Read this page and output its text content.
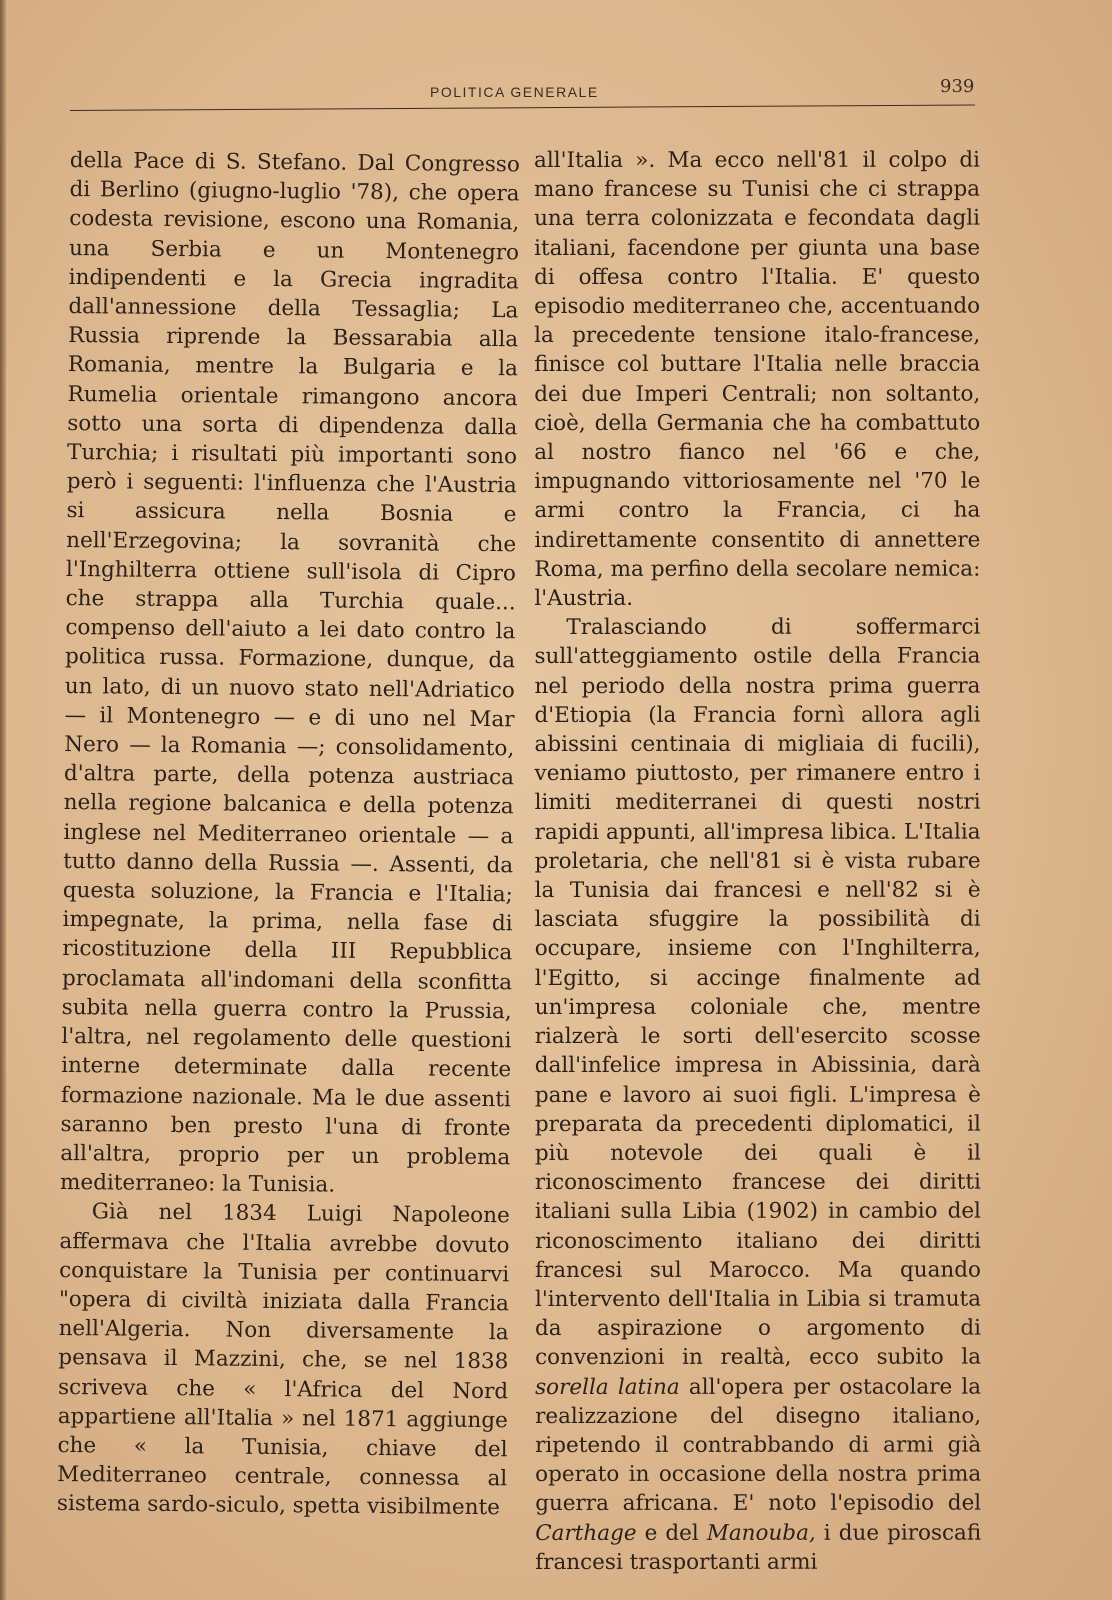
POLITICA GENERALE	939

della Pace di S. Stefano. Dal Congresso di Berlino (giugno-luglio '78), che opera codesta revisione, escono una Romania, una Serbia e un Montenegro indipendenti e la Grecia ingradita dall'annessione della Tessaglia; La Russia riprende la Bessarabia alla Romania, mentre la Bulgaria e la Rumelia orientale rimangono ancora sotto una sorta di dipendenza dalla Turchia; i risultati più importanti sono però i seguenti: l'influenza che l'Austria si assicura nella Bosnia e nell'Erzegovina; la sovranità che l'Inghilterra ottiene sull'isola di Cipro che strappa alla Turchia quale... compenso dell'aiuto a lei dato contro la politica russa. Formazione, dunque, da un lato, di un nuovo stato nell'Adriatico — il Montenegro — e di uno nel Mar Nero — la Romania —; consolidamento, d'altra parte, della potenza austriaca nella regione balcanica e della potenza inglese nel Mediterraneo orientale — a tutto danno della Russia —. Assenti, da questa soluzione, la Francia e l'Italia; impegnate, la prima, nella fase di ricostituzione della III Repubblica proclamata all'indomani della sconfitta subita nella guerra contro la Prussia, l'altra, nel regolamento delle questioni interne determinate dalla recente formazione nazionale. Ma le due assenti saranno ben presto l'una di fronte all'altra, proprio per un problema mediterraneo: la Tunisia.

Già nel 1834 Luigi Napoleone affermava che l'Italia avrebbe dovuto conquistare la Tunisia per continuarvi "opera di civiltà iniziata dalla Francia nell'Algeria. Non diversamente la pensava il Mazzini, che, se nel 1838 scriveva che « l'Africa del Nord appartiene all'Italia » nel 1871 aggiunge che « la Tunisia, chiave del Mediterraneo centrale, connessa al sistema sardo-siculo, spetta visibilmente

all'Italia ». Ma ecco nell'81 il colpo di mano francese su Tunisi che ci strappa una terra colonizzata e fecondata dagli italiani, facendone per giunta una base di offesa contro l'Italia. E' questo episodio mediterraneo che, accentuando la precedente tensione italo-francese, finisce col buttare l'Italia nelle braccia dei due Imperi Centrali; non soltanto, cioè, della Germania che ha combattuto al nostro fianco nel '66 e che, impugnando vittoriosamente nel '70 le armi contro la Francia, ci ha indirettamente consentito di annettere Roma, ma perfino della secolare nemica: l'Austria.

Tralasciando di soffermarci sull'atteggiamento ostile della Francia nel periodo della nostra prima guerra d'Etiopia (la Francia fornì allora agli abissini centinaia di migliaia di fucili), veniamo piuttosto, per rimanere entro i limiti mediterranei di questi nostri rapidi appunti, all'impresa libica. L'Italia proletaria, che nell'81 si è vista rubare la Tunisia dai francesi e nell'82 si è lasciata sfuggire la possibilità di occupare, insieme con l'Inghilterra, l'Egitto, si accinge finalmente ad un'impresa coloniale che, mentre rialzerà le sorti dell'esercito scosse dall'infelice impresa in Abissinia, darà pane e lavoro ai suoi figli. L'impresa è preparata da precedenti diplomatici, il più notevole dei quali è il riconoscimento francese dei diritti italiani sulla Libia (1902) in cambio del riconoscimento italiano dei diritti francesi sul Marocco. Ma quando l'intervento dell'Italia in Libia si tramuta da aspirazione o argomento di convenzioni in realtà, ecco subito la sorella latina all'opera per ostacolare la realizzazione del disegno italiano, ripetendo il contrabbando di armi già operato in occasione della nostra prima guerra africana. E' noto l'episodio del Carthage e del Manouba, i due piroscafi francesi trasportanti armi
